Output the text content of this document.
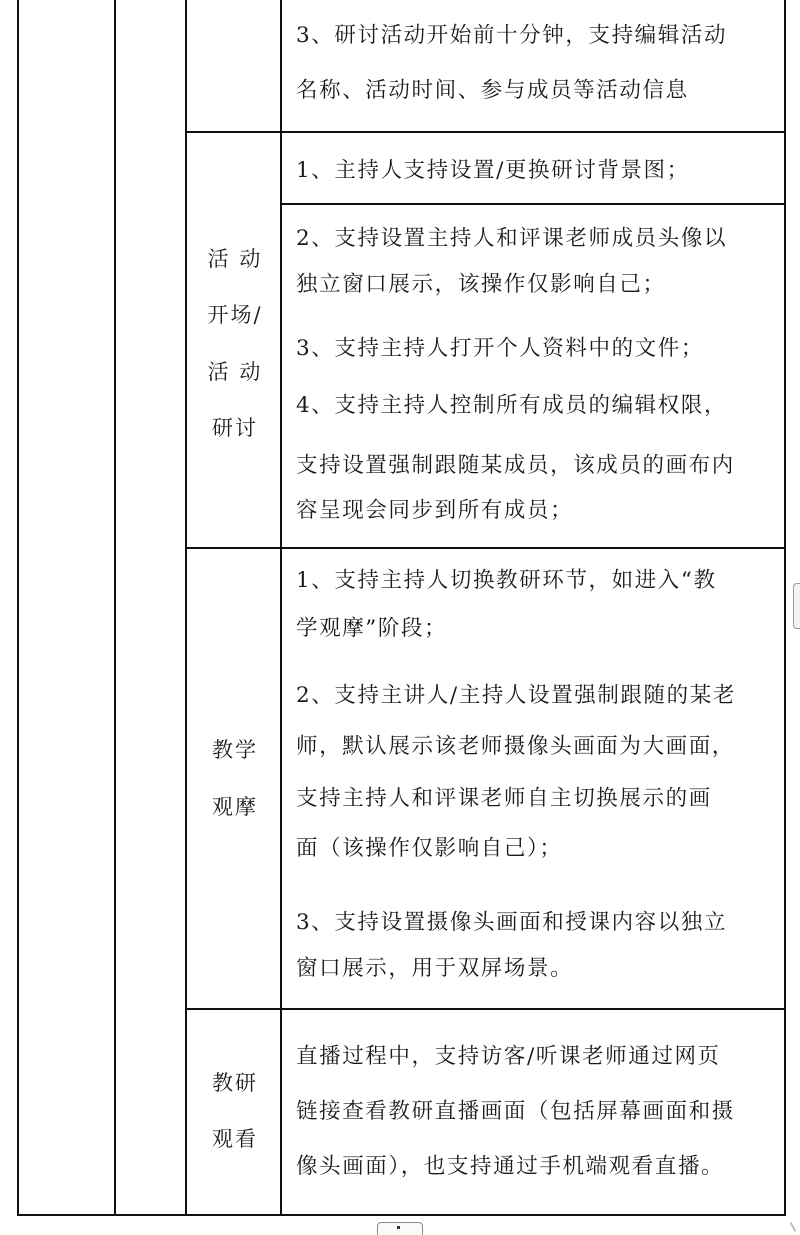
3、研讨活动开始前十分钟，支持编辑活动
名称、活动时间、参与成员等活动信息
活 动
开场/
活 动
研讨
1、主持人支持设置/更换研讨背景图；
2、支持设置主持人和评课老师成员头像以
独立窗口展示，该操作仅影响自己；
3、支持主持人打开个人资料中的文件；
4、支持主持人控制所有成员的编辑权限，
支持设置强制跟随某成员，该成员的画布内
容呈现会同步到所有成员；
教学
观摩
1、支持主持人切换教研环节，如进入“教
学观摩”阶段；
2、支持主讲人/主持人设置强制跟随的某老
师，默认展示该老师摄像头画面为大画面，
支持主持人和评课老师自主切换展示的画
面（该操作仅影响自己）；
3、支持设置摄像头画面和授课内容以独立
窗口展示，用于双屏场景。
教研
观看
直播过程中，支持访客/听课老师通过网页
链接查看教研直播画面（包括屏幕画面和摄
像头画面），也支持通过手机端观看直播。
